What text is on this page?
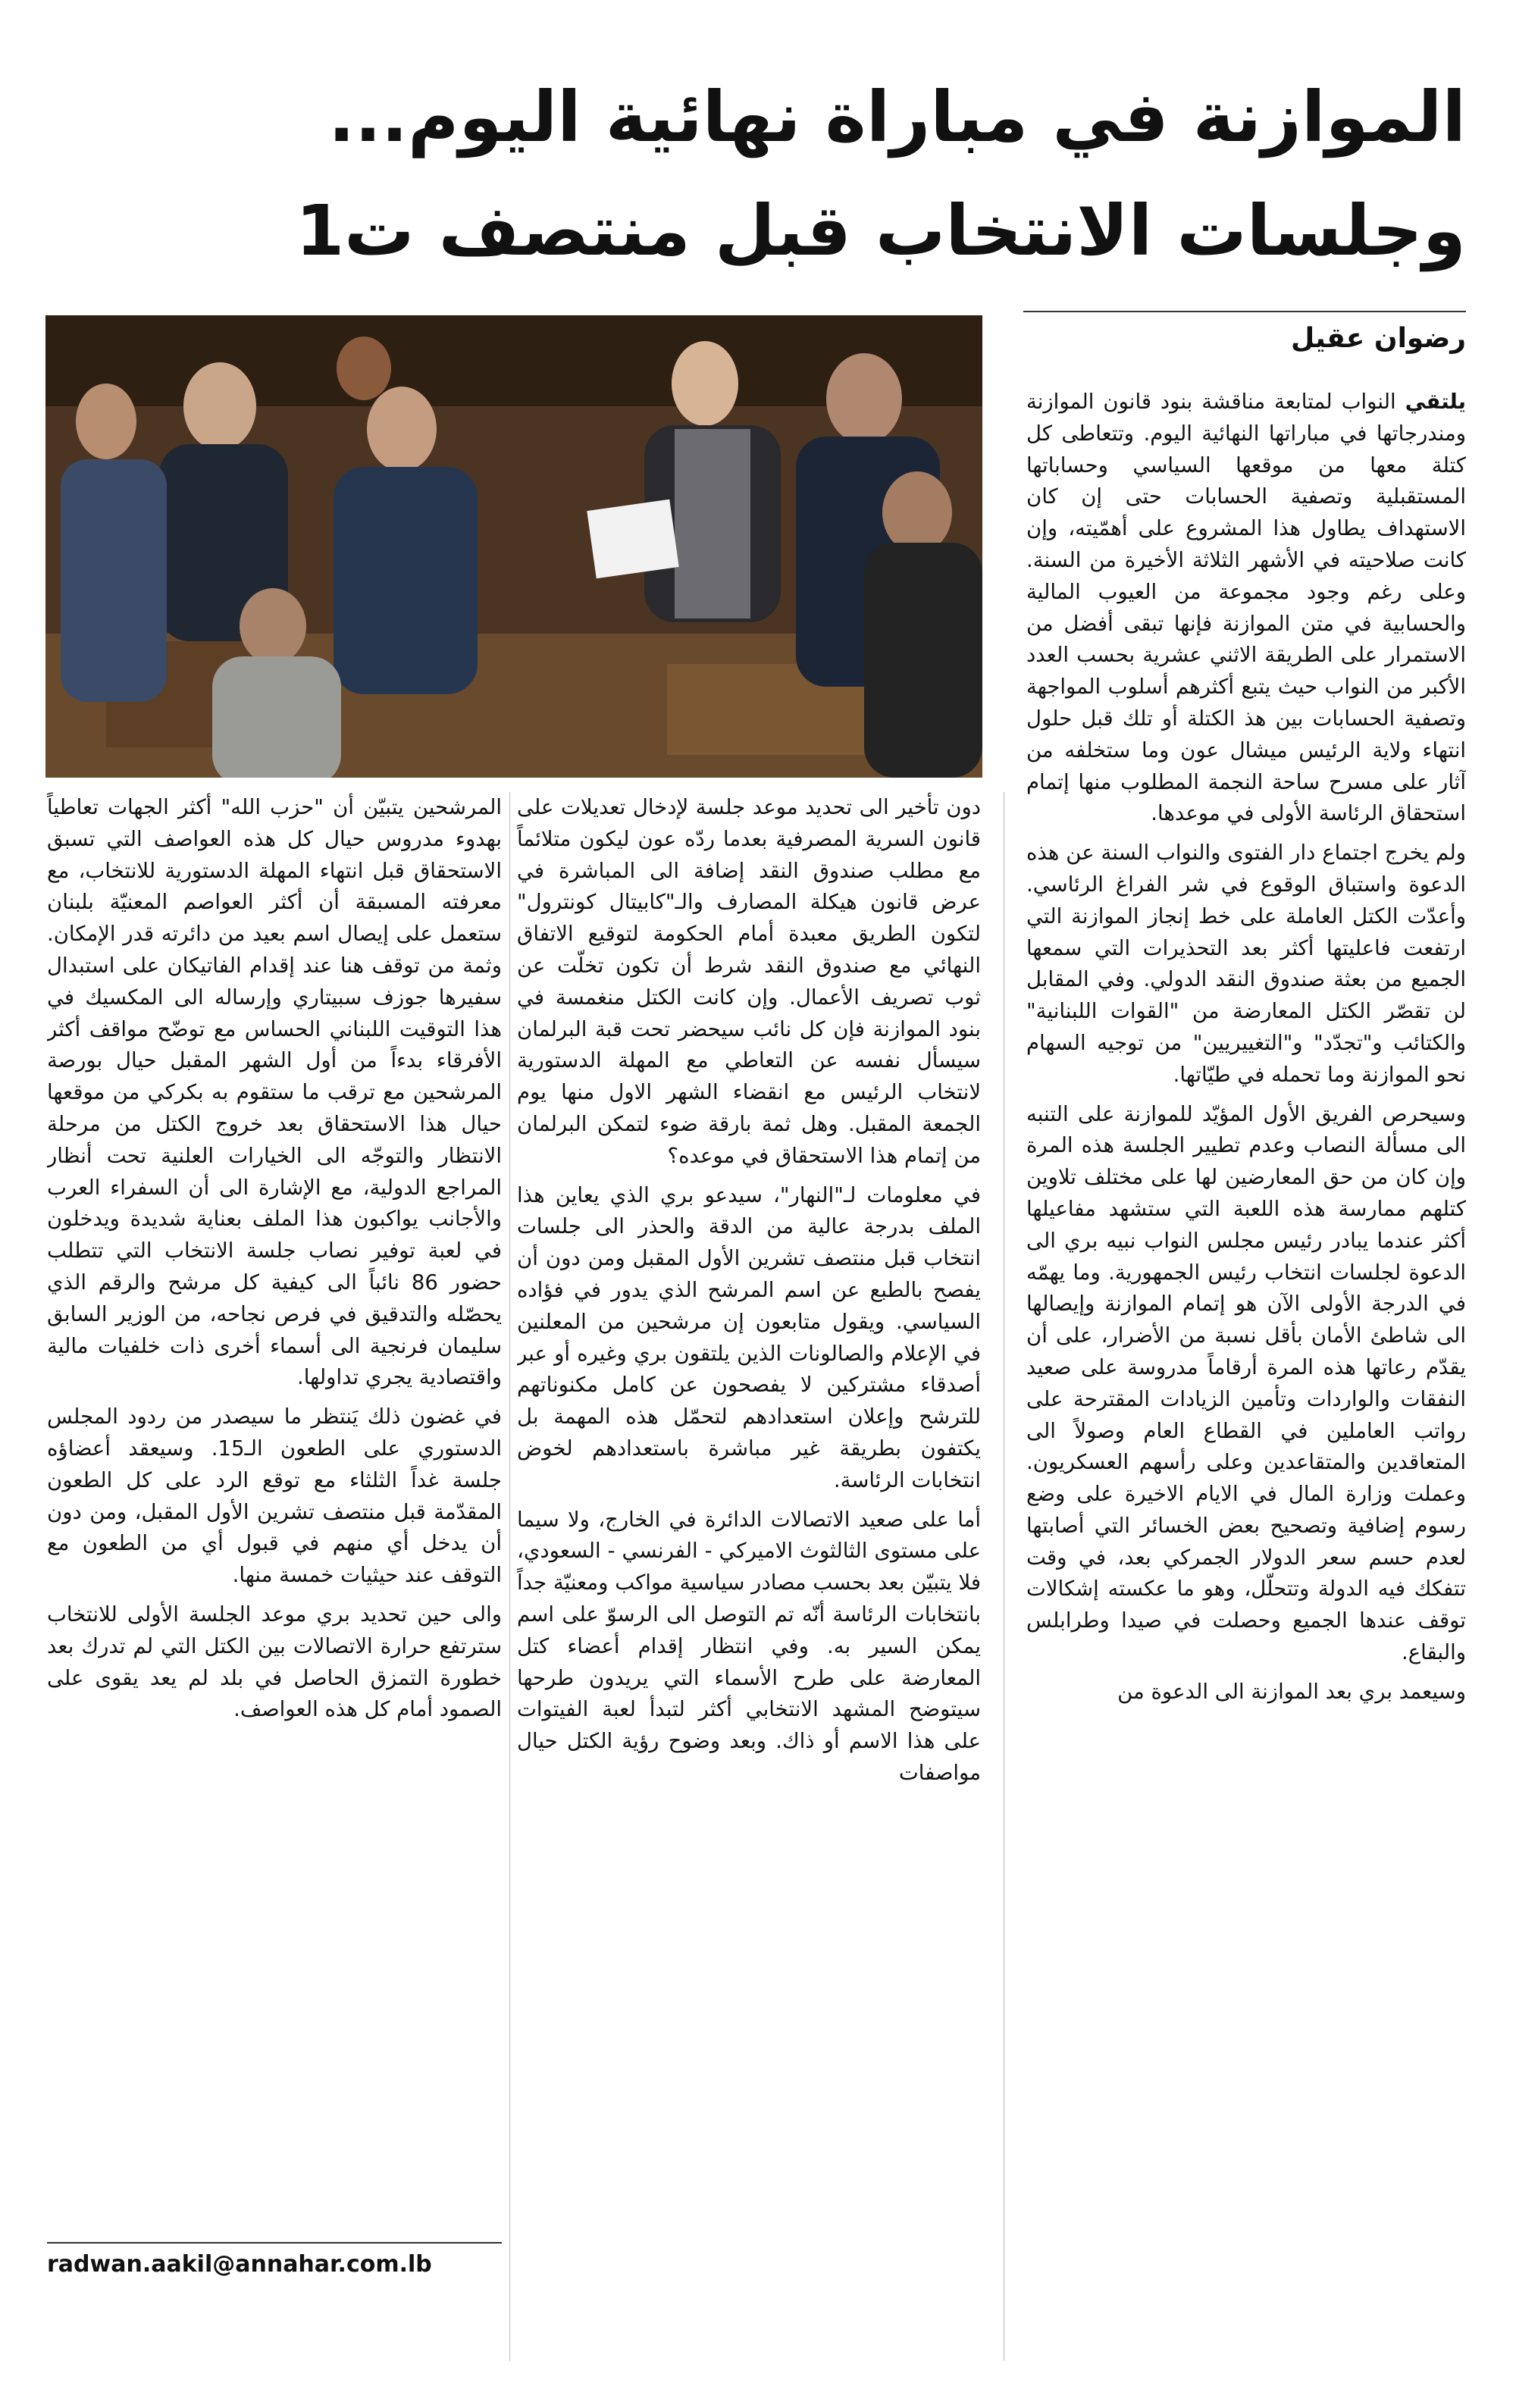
الموازنة في مباراة نهائية اليوم...
وجلسات الانتخاب قبل منتصف ت1
رضوان عقيل

يلتقي النواب لمتابعة مناقشة بنود قانون الموازنة ومندرجاتها في مباراتها النهائية اليوم. وتتعاطى كل كتلة معها من موقعها السياسي وحساباتها المستقبلية وتصفية الحسابات حتى إن كان الاستهداف يطاول هذا المشروع على أهمّيته، وإن كانت صلاحيته في الأشهر الثلاثة الأخيرة من السنة. وعلى رغم وجود مجموعة من العيوب المالية والحسابية في متن الموازنة فإنها تبقى أفضل من الاستمرار على الطريقة الاثني عشرية بحسب العدد الأكبر من النواب حيث يتبع أكثرهم أسلوب المواجهة وتصفية الحسابات بين هذ الكتلة أو تلك قبل حلول انتهاء ولاية الرئيس ميشال عون وما ستخلفه من آثار على مسرح ساحة النجمة المطلوب منها إتمام استحقاق الرئاسة الأولى في موعدها.

ولم يخرج اجتماع دار الفتوى والنواب السنة عن هذه الدعوة واستباق الوقوع في شر الفراغ الرئاسي. وأعدّت الكتل العاملة على خط إنجاز الموازنة التي ارتفعت فاعليتها أكثر بعد التحذيرات التي سمعها الجميع من بعثة صندوق النقد الدولي. وفي المقابل لن تقصّر الكتل المعارضة من "القوات اللبنانية" والكتائب و"تجدّد" و"التغييريين" من توجيه السهام نحو الموازنة وما تحمله في طيّاتها.

وسيحرص الفريق الأول المؤيّد للموازنة على التنبه الى مسألة النصاب وعدم تطيير الجلسة هذه المرة وإن كان من حق المعارضين لها على مختلف تلاوين كتلهم ممارسة هذه اللعبة التي ستشهد مفاعيلها أكثر عندما يبادر رئيس مجلس النواب نبيه بري الى الدعوة لجلسات انتخاب رئيس الجمهورية. وما يهمّه في الدرجة الأولى الآن هو إتمام الموازنة وإيصالها الى شاطئ الأمان بأقل نسبة من الأضرار، على أن يقدّم رعاتها هذه المرة أرقاماً مدروسة على صعيد النفقات والواردات وتأمين الزيادات المقترحة على رواتب العاملين في القطاع العام وصولاً الى المتعاقدين والمتقاعدين وعلى رأسهم العسكريون. وعملت وزارة المال في الايام الاخيرة على وضع رسوم إضافية وتصحيح بعض الخسائر التي أصابتها لعدم حسم سعر الدولار الجمركي بعد، في وقت تتفكك فيه الدولة وتتحلّل، وهو ما عكسته إشكالات توقف عندها الجميع وحصلت في صيدا وطرابلس والبقاع.

وسيعمد بري بعد الموازنة الى الدعوة من

دون تأخير الى تحديد موعد جلسة لإدخال تعديلات على قانون السرية المصرفية بعدما ردّه عون ليكون متلائماً مع مطلب صندوق النقد إضافة الى المباشرة في عرض قانون هيكلة المصارف والـ"كابيتال كونترول" لتكون الطريق معبدة أمام الحكومة لتوقيع الاتفاق النهائي مع صندوق النقد شرط أن تكون تخلّت عن ثوب تصريف الأعمال. وإن كانت الكتل منغمسة في بنود الموازنة فإن كل نائب سيحضر تحت قبة البرلمان سيسأل نفسه عن التعاطي مع المهلة الدستورية لانتخاب الرئيس مع انقضاء الشهر الاول منها يوم الجمعة المقبل. وهل ثمة بارقة ضوء لتمكن البرلمان من إتمام هذا الاستحقاق في موعده؟

في معلومات لـ"النهار"، سيدعو بري الذي يعاين هذا الملف بدرجة عالية من الدقة والحذر الى جلسات انتخاب قبل منتصف تشرين الأول المقبل ومن دون أن يفصح بالطبع عن اسم المرشح الذي يدور في فؤاده السياسي. ويقول متابعون إن مرشحين من المعلنين في الإعلام والصالونات الذين يلتقون بري وغيره أو عبر أصدقاء مشتركين لا يفصحون عن كامل مكنوناتهم للترشح وإعلان استعدادهم لتحمّل هذه المهمة بل يكتفون بطريقة غير مباشرة باستعدادهم لخوض انتخابات الرئاسة.

أما على صعيد الاتصالات الدائرة في الخارج، ولا سيما على مستوى الثالثوث الاميركي - الفرنسي - السعودي، فلا يتبيّن بعد بحسب مصادر سياسية مواكب ومعنيّة جداً بانتخابات الرئاسة أنّه تم التوصل الى الرسوّ على اسم يمكن السير به. وفي انتظار إقدام أعضاء كتل المعارضة على طرح الأسماء التي يريدون طرحها سيتوضح المشهد الانتخابي أكثر لتبدأ لعبة الفيتوات على هذا الاسم أو ذاك. وبعد وضوح رؤية الكتل حيال مواصفات

المرشحين يتبيّن أن "حزب الله" أكثر الجهات تعاطياً بهدوء مدروس حيال كل هذه العواصف التي تسبق الاستحقاق قبل انتهاء المهلة الدستورية للانتخاب، مع معرفته المسبقة أن أكثر العواصم المعنيّة بلبنان ستعمل على إيصال اسم بعيد من دائرته قدر الإمكان. وثمة من توقف هنا عند إقدام الفاتيكان على استبدال سفيرها جوزف سبيتاري وإرساله الى المكسيك في هذا التوقيت اللبناني الحساس مع توضّح مواقف أكثر الأفرقاء بدءاً من أول الشهر المقبل حيال بورصة المرشحين مع ترقب ما ستقوم به بكركي من موقعها حيال هذا الاستحقاق بعد خروج الكتل من مرحلة الانتظار والتوجّه الى الخيارات العلنية تحت أنظار المراجع الدولية، مع الإشارة الى أن السفراء العرب والأجانب يواكبون هذا الملف بعناية شديدة ويدخلون في لعبة توفير نصاب جلسة الانتخاب التي تتطلب حضور 86 نائباً الى كيفية كل مرشح والرقم الذي يحصّله والتدقيق في فرص نجاحه، من الوزير السابق سليمان فرنجية الى أسماء أخرى ذات خلفيات مالية واقتصادية يجري تداولها.

في غضون ذلك يَنتظر ما سيصدر من ردود المجلس الدستوري على الطعون الـ15. وسيعقد أعضاؤه جلسة غداً الثلثاء مع توقع الرد على كل الطعون المقدّمة قبل منتصف تشرين الأول المقبل، ومن دون أن يدخل أي منهم في قبول أي من الطعون مع التوقف عند حيثيات خمسة منها.

والى حين تحديد بري موعد الجلسة الأولى للانتخاب سترتفع حرارة الاتصالات بين الكتل التي لم تدرك بعد خطورة التمزق الحاصل في بلد لم يعد يقوى على الصمود أمام كل هذه العواصف.

radwan.aakil@annahar.com.lb
